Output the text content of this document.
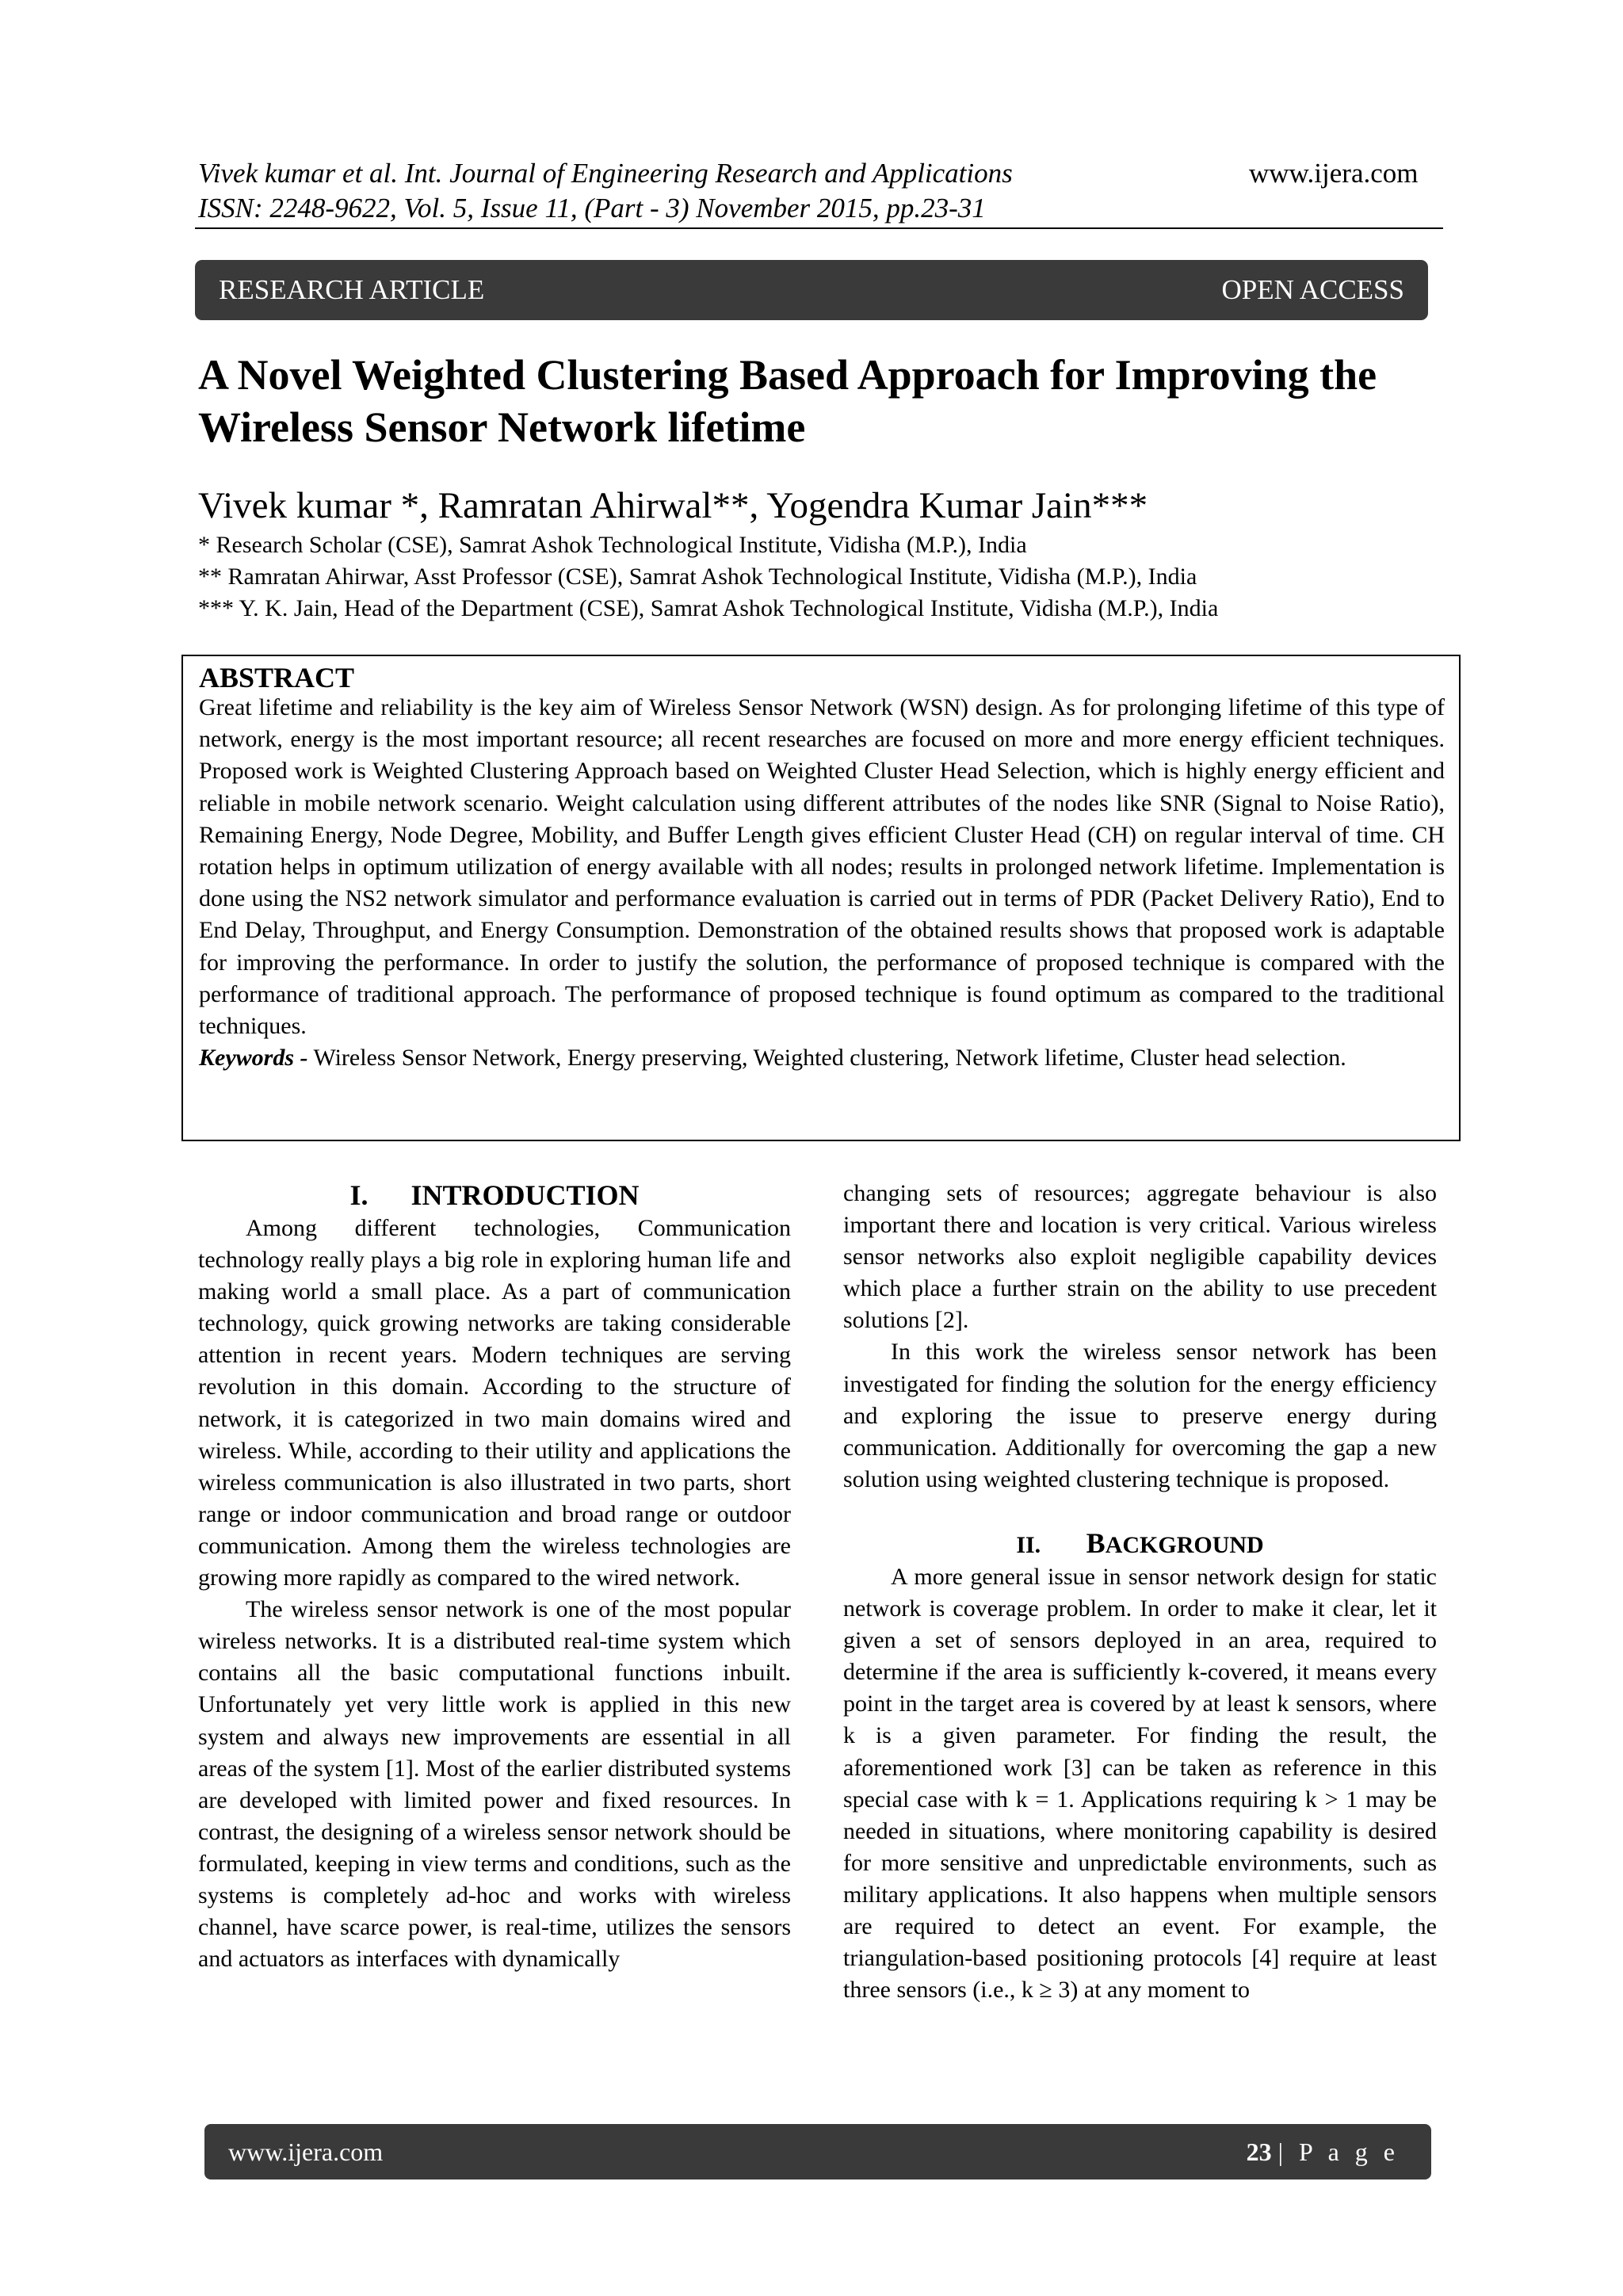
Vivek kumar et al. Int. Journal of Engineering Research and Applications
ISSN: 2248-9622, Vol. 5, Issue 11, (Part - 3) November 2015, pp.23-31
www.ijera.com
RESEARCH ARTICLE	OPEN ACCESS
A Novel Weighted Clustering Based Approach for Improving the Wireless Sensor Network lifetime
Vivek kumar *, Ramratan Ahirwal**, Yogendra Kumar Jain***
* Research Scholar (CSE), Samrat Ashok Technological Institute, Vidisha (M.P.), India
** Ramratan Ahirwar, Asst Professor (CSE), Samrat Ashok Technological Institute, Vidisha (M.P.), India
*** Y. K. Jain, Head of the Department (CSE), Samrat Ashok Technological Institute, Vidisha (M.P.), India
ABSTRACT
Great lifetime and reliability is the key aim of Wireless Sensor Network (WSN) design. As for prolonging lifetime of this type of network, energy is the most important resource; all recent researches are focused on more and more energy efficient techniques. Proposed work is Weighted Clustering Approach based on Weighted Cluster Head Selection, which is highly energy efficient and reliable in mobile network scenario. Weight calculation using different attributes of the nodes like SNR (Signal to Noise Ratio), Remaining Energy, Node Degree, Mobility, and Buffer Length gives efficient Cluster Head (CH) on regular interval of time. CH rotation helps in optimum utilization of energy available with all nodes; results in prolonged network lifetime. Implementation is done using the NS2 network simulator and performance evaluation is carried out in terms of PDR (Packet Delivery Ratio), End to End Delay, Throughput, and Energy Consumption. Demonstration of the obtained results shows that proposed work is adaptable for improving the performance. In order to justify the solution, the performance of proposed technique is compared with the performance of traditional approach. The performance of proposed technique is found optimum as compared to the traditional techniques.
Keywords - Wireless Sensor Network, Energy preserving, Weighted clustering, Network lifetime, Cluster head selection.
I.      INTRODUCTION

Among different technologies, Communication technology really plays a big role in exploring human life and making world a small place. As a part of communication technology, quick growing networks are taking considerable attention in recent years. Modern techniques are serving revolution in this domain. According to the structure of network, it is categorized in two main domains wired and wireless. While, according to their utility and applications the wireless communication is also illustrated in two parts, short range or indoor communication and broad range or outdoor communication. Among them the wireless technologies are growing more rapidly as compared to the wired network.

The wireless sensor network is one of the most popular wireless networks. It is a distributed real-time system which contains all the basic computational functions inbuilt. Unfortunately yet very little work is applied in this new system and always new improvements are essential in all areas of the system [1]. Most of the earlier distributed systems are developed with limited power and fixed resources. In contrast, the designing of a wireless sensor network should be formulated, keeping in view terms and conditions, such as the systems is completely ad-hoc and works with wireless channel, have scarce power, is real-time, utilizes the sensors and actuators as interfaces with dynamically

changing sets of resources; aggregate behaviour is also important there and location is very critical. Various wireless sensor networks also exploit negligible capability devices which place a further strain on the ability to use precedent solutions [2].

In this work the wireless sensor network has been investigated for finding the solution for the energy efficiency and exploring the issue to preserve energy during communication. Additionally for overcoming the gap a new solution using weighted clustering technique is proposed.

II. BACKGROUND

A more general issue in sensor network design for static network is coverage problem. In order to make it clear, let it given a set of sensors deployed in an area, required to determine if the area is sufficiently k-covered, it means every point in the target area is covered by at least k sensors, where k is a given parameter. For finding the result, the aforementioned work [3] can be taken as reference in this special case with k = 1. Applications requiring k > 1 may be needed in situations, where monitoring capability is desired for more sensitive and unpredictable environments, such as military applications. It also happens when multiple sensors are required to detect an event. For example, the triangulation-based positioning protocols [4] require at least three sensors (i.e., k ≥ 3) at any moment to

www.ijera.com	23 | P a g e
